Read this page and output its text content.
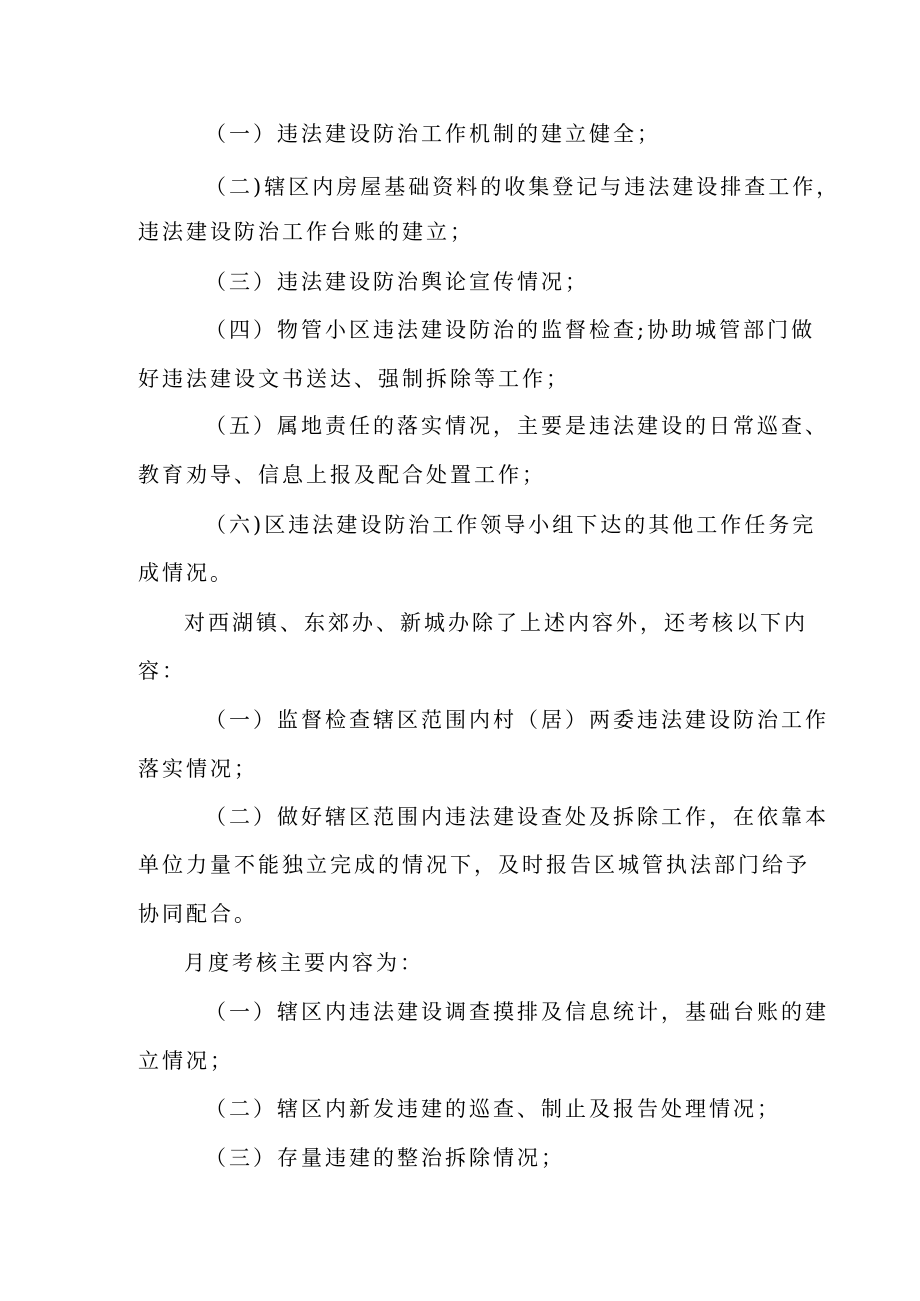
（一）违法建设防治工作机制的建立健全；
（二)辖区内房屋基础资料的收集登记与违法建设排查工作，
违法建设防治工作台账的建立；
（三）违法建设防治舆论宣传情况；
（四）物管小区违法建设防治的监督检查;协助城管部门做
好违法建设文书送达、强制拆除等工作；
（五）属地责任的落实情况，主要是违法建设的日常巡查、
教育劝导、信息上报及配合处置工作；
（六)区违法建设防治工作领导小组下达的其他工作任务完
成情况。
对西湖镇、东郊办、新城办除了上述内容外，还考核以下内
容：
（一）监督检查辖区范围内村（居）两委违法建设防治工作
落实情况；
（二）做好辖区范围内违法建设查处及拆除工作，在依靠本
单位力量不能独立完成的情况下，及时报告区城管执法部门给予
协同配合。
月度考核主要内容为：
（一）辖区内违法建设调查摸排及信息统计，基础台账的建
立情况；
（二）辖区内新发违建的巡查、制止及报告处理情况；
（三）存量违建的整治拆除情况；
